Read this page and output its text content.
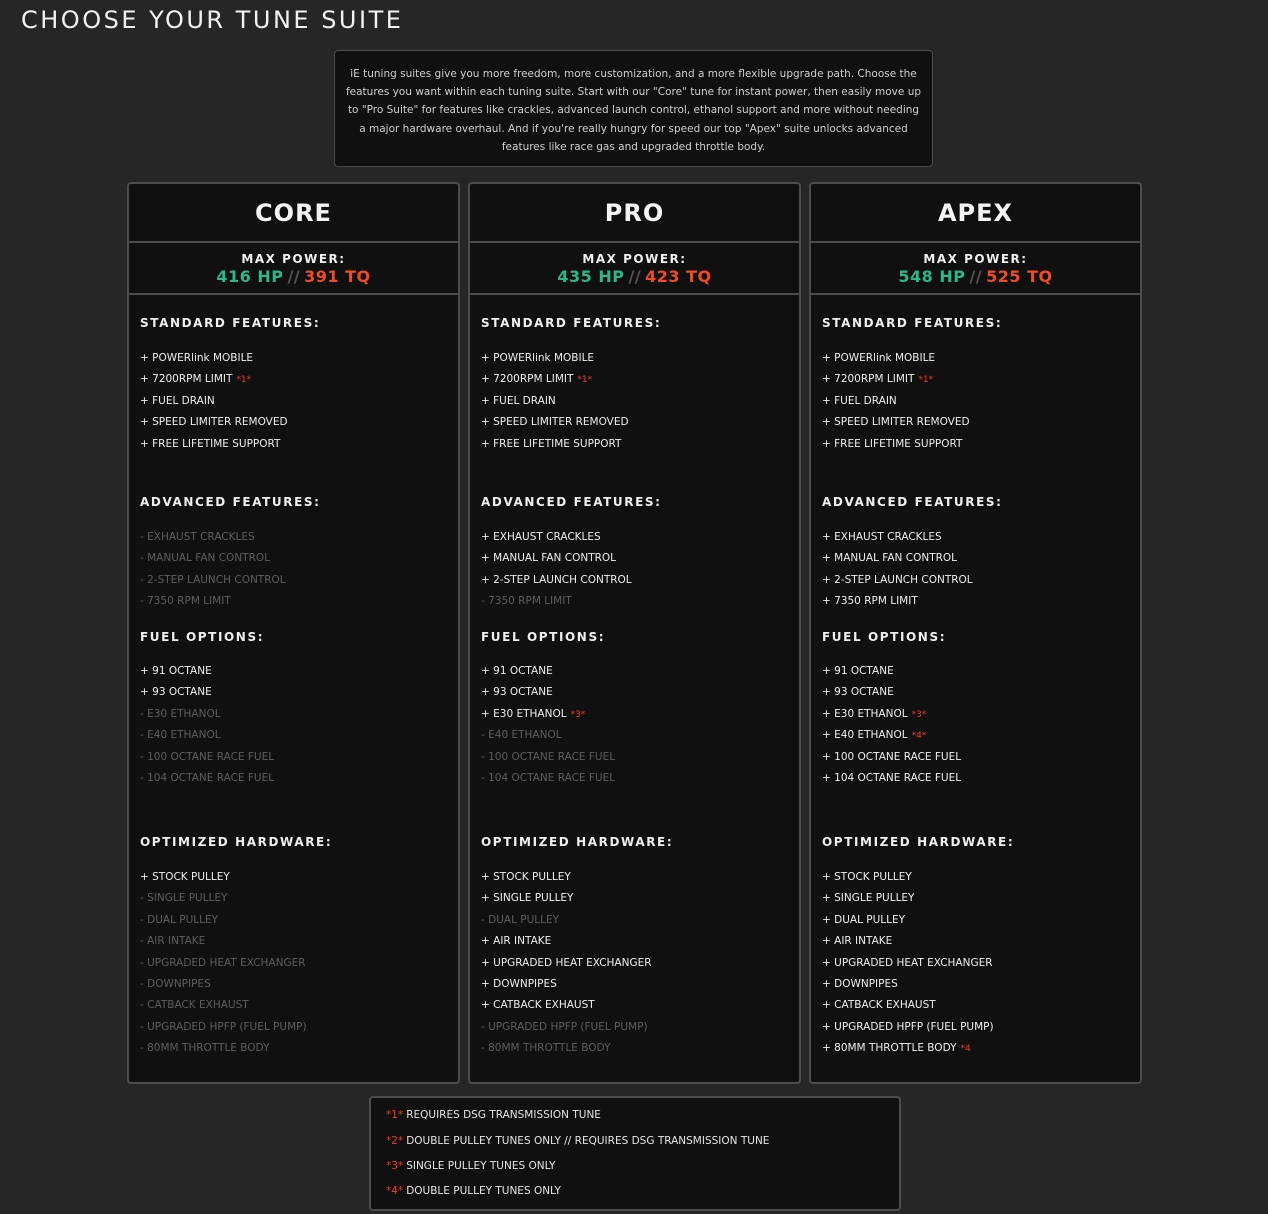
CHOOSE YOUR TUNE SUITE
iE tuning suites give you more freedom, more customization, and a more flexible upgrade path. Choose the features you want within each tuning suite. Start with our "Core" tune for instant power, then easily move up to "Pro Suite" for features like crackles, advanced launch control, ethanol support and more without needing a major hardware overhaul. And if you're really hungry for speed our top "Apex" suite unlocks advanced features like race gas and upgraded throttle body.
CORE
MAX POWER:
416 HP // 391 TQ
STANDARD FEATURES:
+ POWERlink MOBILE
+ 7200RPM LIMIT *1*
+ FUEL DRAIN
+ SPEED LIMITER REMOVED
+ FREE LIFETIME SUPPORT
ADVANCED FEATURES:
- EXHAUST CRACKLES
- MANUAL FAN CONTROL
- 2-STEP LAUNCH CONTROL
- 7350 RPM LIMIT
FUEL OPTIONS:
+ 91 OCTANE
+ 93 OCTANE
- E30 ETHANOL
- E40 ETHANOL
- 100 OCTANE RACE FUEL
- 104 OCTANE RACE FUEL
OPTIMIZED HARDWARE:
+ STOCK PULLEY
- SINGLE PULLEY
- DUAL PULLEY
- AIR INTAKE
- UPGRADED HEAT EXCHANGER
- DOWNPIPES
- CATBACK EXHAUST
- UPGRADED HPFP (FUEL PUMP)
- 80MM THROTTLE BODY
PRO
MAX POWER:
435 HP // 423 TQ
STANDARD FEATURES:
+ POWERlink MOBILE
+ 7200RPM LIMIT *1*
+ FUEL DRAIN
+ SPEED LIMITER REMOVED
+ FREE LIFETIME SUPPORT
ADVANCED FEATURES:
+ EXHAUST CRACKLES
+ MANUAL FAN CONTROL
+ 2-STEP LAUNCH CONTROL
- 7350 RPM LIMIT
FUEL OPTIONS:
+ 91 OCTANE
+ 93 OCTANE
+ E30 ETHANOL *3*
- E40 ETHANOL
- 100 OCTANE RACE FUEL
- 104 OCTANE RACE FUEL
OPTIMIZED HARDWARE:
+ STOCK PULLEY
+ SINGLE PULLEY
- DUAL PULLEY
+ AIR INTAKE
+ UPGRADED HEAT EXCHANGER
+ DOWNPIPES
+ CATBACK EXHAUST
- UPGRADED HPFP (FUEL PUMP)
- 80MM THROTTLE BODY
APEX
MAX POWER:
548 HP // 525 TQ
STANDARD FEATURES:
+ POWERlink MOBILE
+ 7200RPM LIMIT *1*
+ FUEL DRAIN
+ SPEED LIMITER REMOVED
+ FREE LIFETIME SUPPORT
ADVANCED FEATURES:
+ EXHAUST CRACKLES
+ MANUAL FAN CONTROL
+ 2-STEP LAUNCH CONTROL
+ 7350 RPM LIMIT
FUEL OPTIONS:
+ 91 OCTANE
+ 93 OCTANE
+ E30 ETHANOL *3*
+ E40 ETHANOL *4*
+ 100 OCTANE RACE FUEL
+ 104 OCTANE RACE FUEL
OPTIMIZED HARDWARE:
+ STOCK PULLEY
+ SINGLE PULLEY
+ DUAL PULLEY
+ AIR INTAKE
+ UPGRADED HEAT EXCHANGER
+ DOWNPIPES
+ CATBACK EXHAUST
+ UPGRADED HPFP (FUEL PUMP)
+ 80MM THROTTLE BODY *4
*1* REQUIRES DSG TRANSMISSION TUNE
*2* DOUBLE PULLEY TUNES ONLY // REQUIRES DSG TRANSMISSION TUNE
*3* SINGLE PULLEY TUNES ONLY
*4* DOUBLE PULLEY TUNES ONLY
